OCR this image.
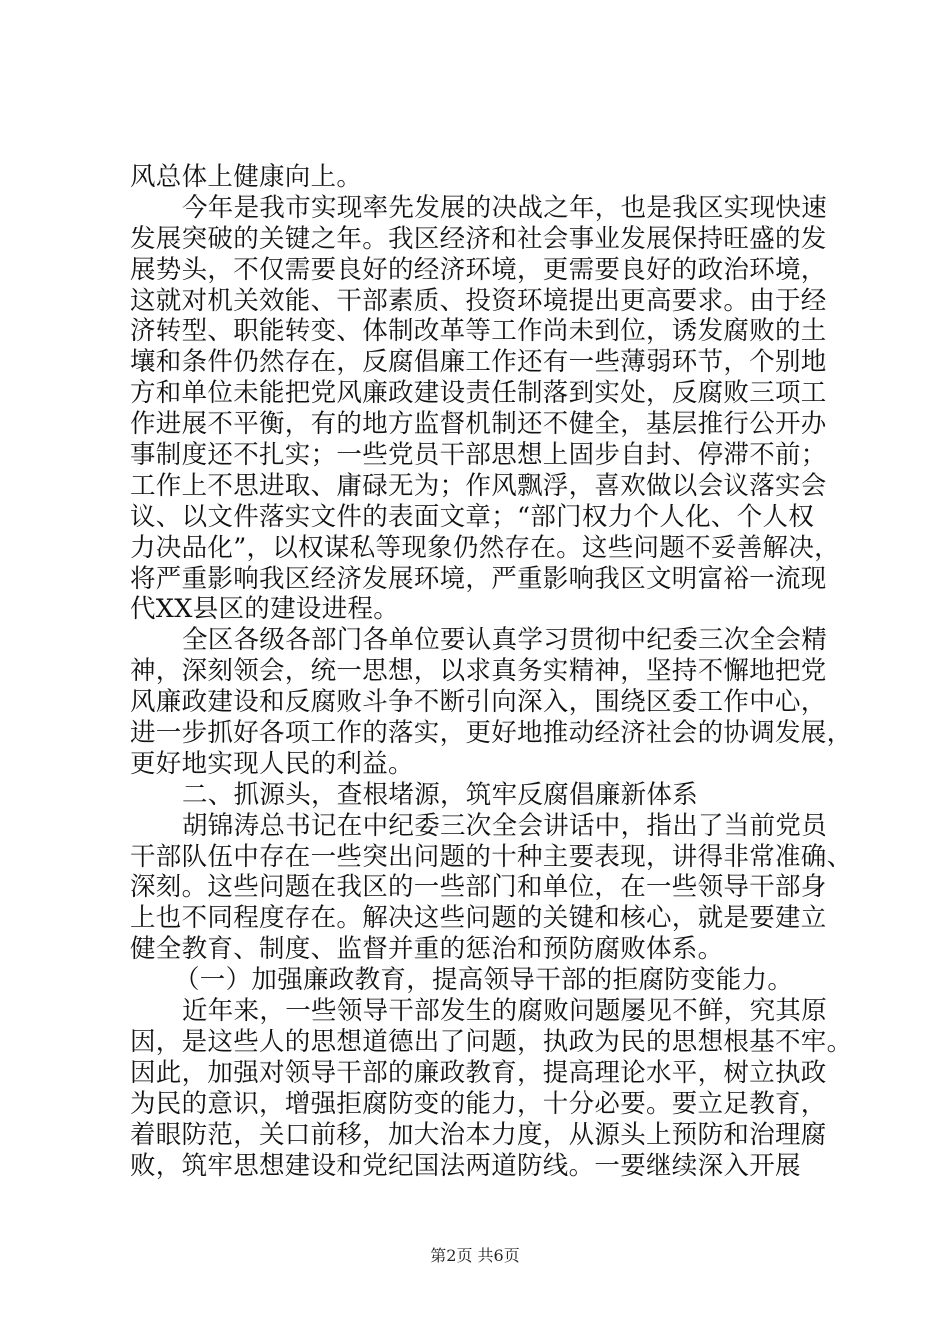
风总体上健康向上。
今年是我市实现率先发展的决战之年，也是我区实现快速
发展突破的关键之年。我区经济和社会事业发展保持旺盛的发
展势头，不仅需要良好的经济环境，更需要良好的政治环境，
这就对机关效能、干部素质、投资环境提出更高要求。由于经
济转型、职能转变、体制改革等工作尚未到位，诱发腐败的土
壤和条件仍然存在，反腐倡廉工作还有一些薄弱环节，个别地
方和单位未能把党风廉政建设责任制落到实处，反腐败三项工
作进展不平衡，有的地方监督机制还不健全，基层推行公开办
事制度还不扎实；一些党员干部思想上固步自封、停滞不前；
工作上不思进取、庸碌无为；作风飘浮，喜欢做以会议落实会
议、以文件落实文件的表面文章；“部门权力个人化、个人权
力决品化”，以权谋私等现象仍然存在。这些问题不妥善解决，
将严重影响我区经济发展环境，严重影响我区文明富裕一流现
代XX县区的建设进程。
全区各级各部门各单位要认真学习贯彻中纪委三次全会精
神，深刻领会，统一思想，以求真务实精神，坚持不懈地把党
风廉政建设和反腐败斗争不断引向深入，围绕区委工作中心，
进一步抓好各项工作的落实，更好地推动经济社会的协调发展，
更好地实现人民的利益。
二、抓源头，查根堵源，筑牢反腐倡廉新体系
胡锦涛总书记在中纪委三次全会讲话中，指出了当前党员
干部队伍中存在一些突出问题的十种主要表现，讲得非常准确、
深刻。这些问题在我区的一些部门和单位，在一些领导干部身
上也不同程度存在。解决这些问题的关键和核心，就是要建立
健全教育、制度、监督并重的惩治和预防腐败体系。
（一）加强廉政教育，提高领导干部的拒腐防变能力。
近年来，一些领导干部发生的腐败问题屡见不鲜，究其原
因，是这些人的思想道德出了问题，执政为民的思想根基不牢。
因此，加强对领导干部的廉政教育，提高理论水平，树立执政
为民的意识，增强拒腐防变的能力，十分必要。要立足教育，
着眼防范，关口前移，加大治本力度，从源头上预防和治理腐
败，筑牢思想建设和党纪国法两道防线。一要继续深入开展
第2页 共6页
